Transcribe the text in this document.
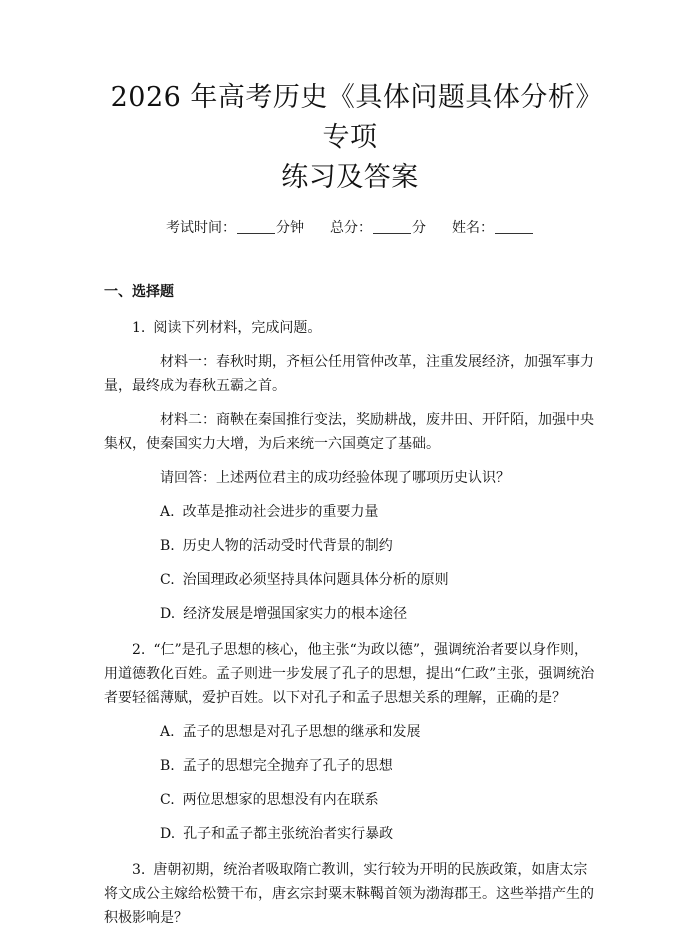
2026 年高考历史《具体问题具体分析》专项
练习及答案
考试时间：	分钟 总分：	分 姓名：
一、选择题
1. 阅读下列材料，完成问题。
材料一：春秋时期，齐桓公任用管仲改革，注重发展经济，加强军事力量，最终成为春秋五霸之首。
材料二：商鞅在秦国推行变法，奖励耕战，废井田、开阡陌，加强中央集权，使秦国实力大增，为后来统一六国奠定了基础。
请回答：上述两位君主的成功经验体现了哪项历史认识？
A. 改革是推动社会进步的重要力量
B. 历史人物的活动受时代背景的制约
C. 治国理政必须坚持具体问题具体分析的原则
D. 经济发展是增强国家实力的根本途径
2. “仁”是孔子思想的核心，他主张“为政以德”，强调统治者要以身作则，用道德教化百姓。孟子则进一步发展了孔子的思想，提出“仁政”主张，强调统治者要轻徭薄赋，爱护百姓。以下对孔子和孟子思想关系的理解，正确的是？
A. 孟子的思想是对孔子思想的继承和发展
B. 孟子的思想完全抛弃了孔子的思想
C. 两位思想家的思想没有内在联系
D. 孔子和孟子都主张统治者实行暴政
3. 唐朝初期，统治者吸取隋亡教训，实行较为开明的民族政策，如唐太宗将文成公主嫁给松赞干布，唐玄宗封粟末靺鞨首领为渤海郡王。这些举措产生的积极影响是？
